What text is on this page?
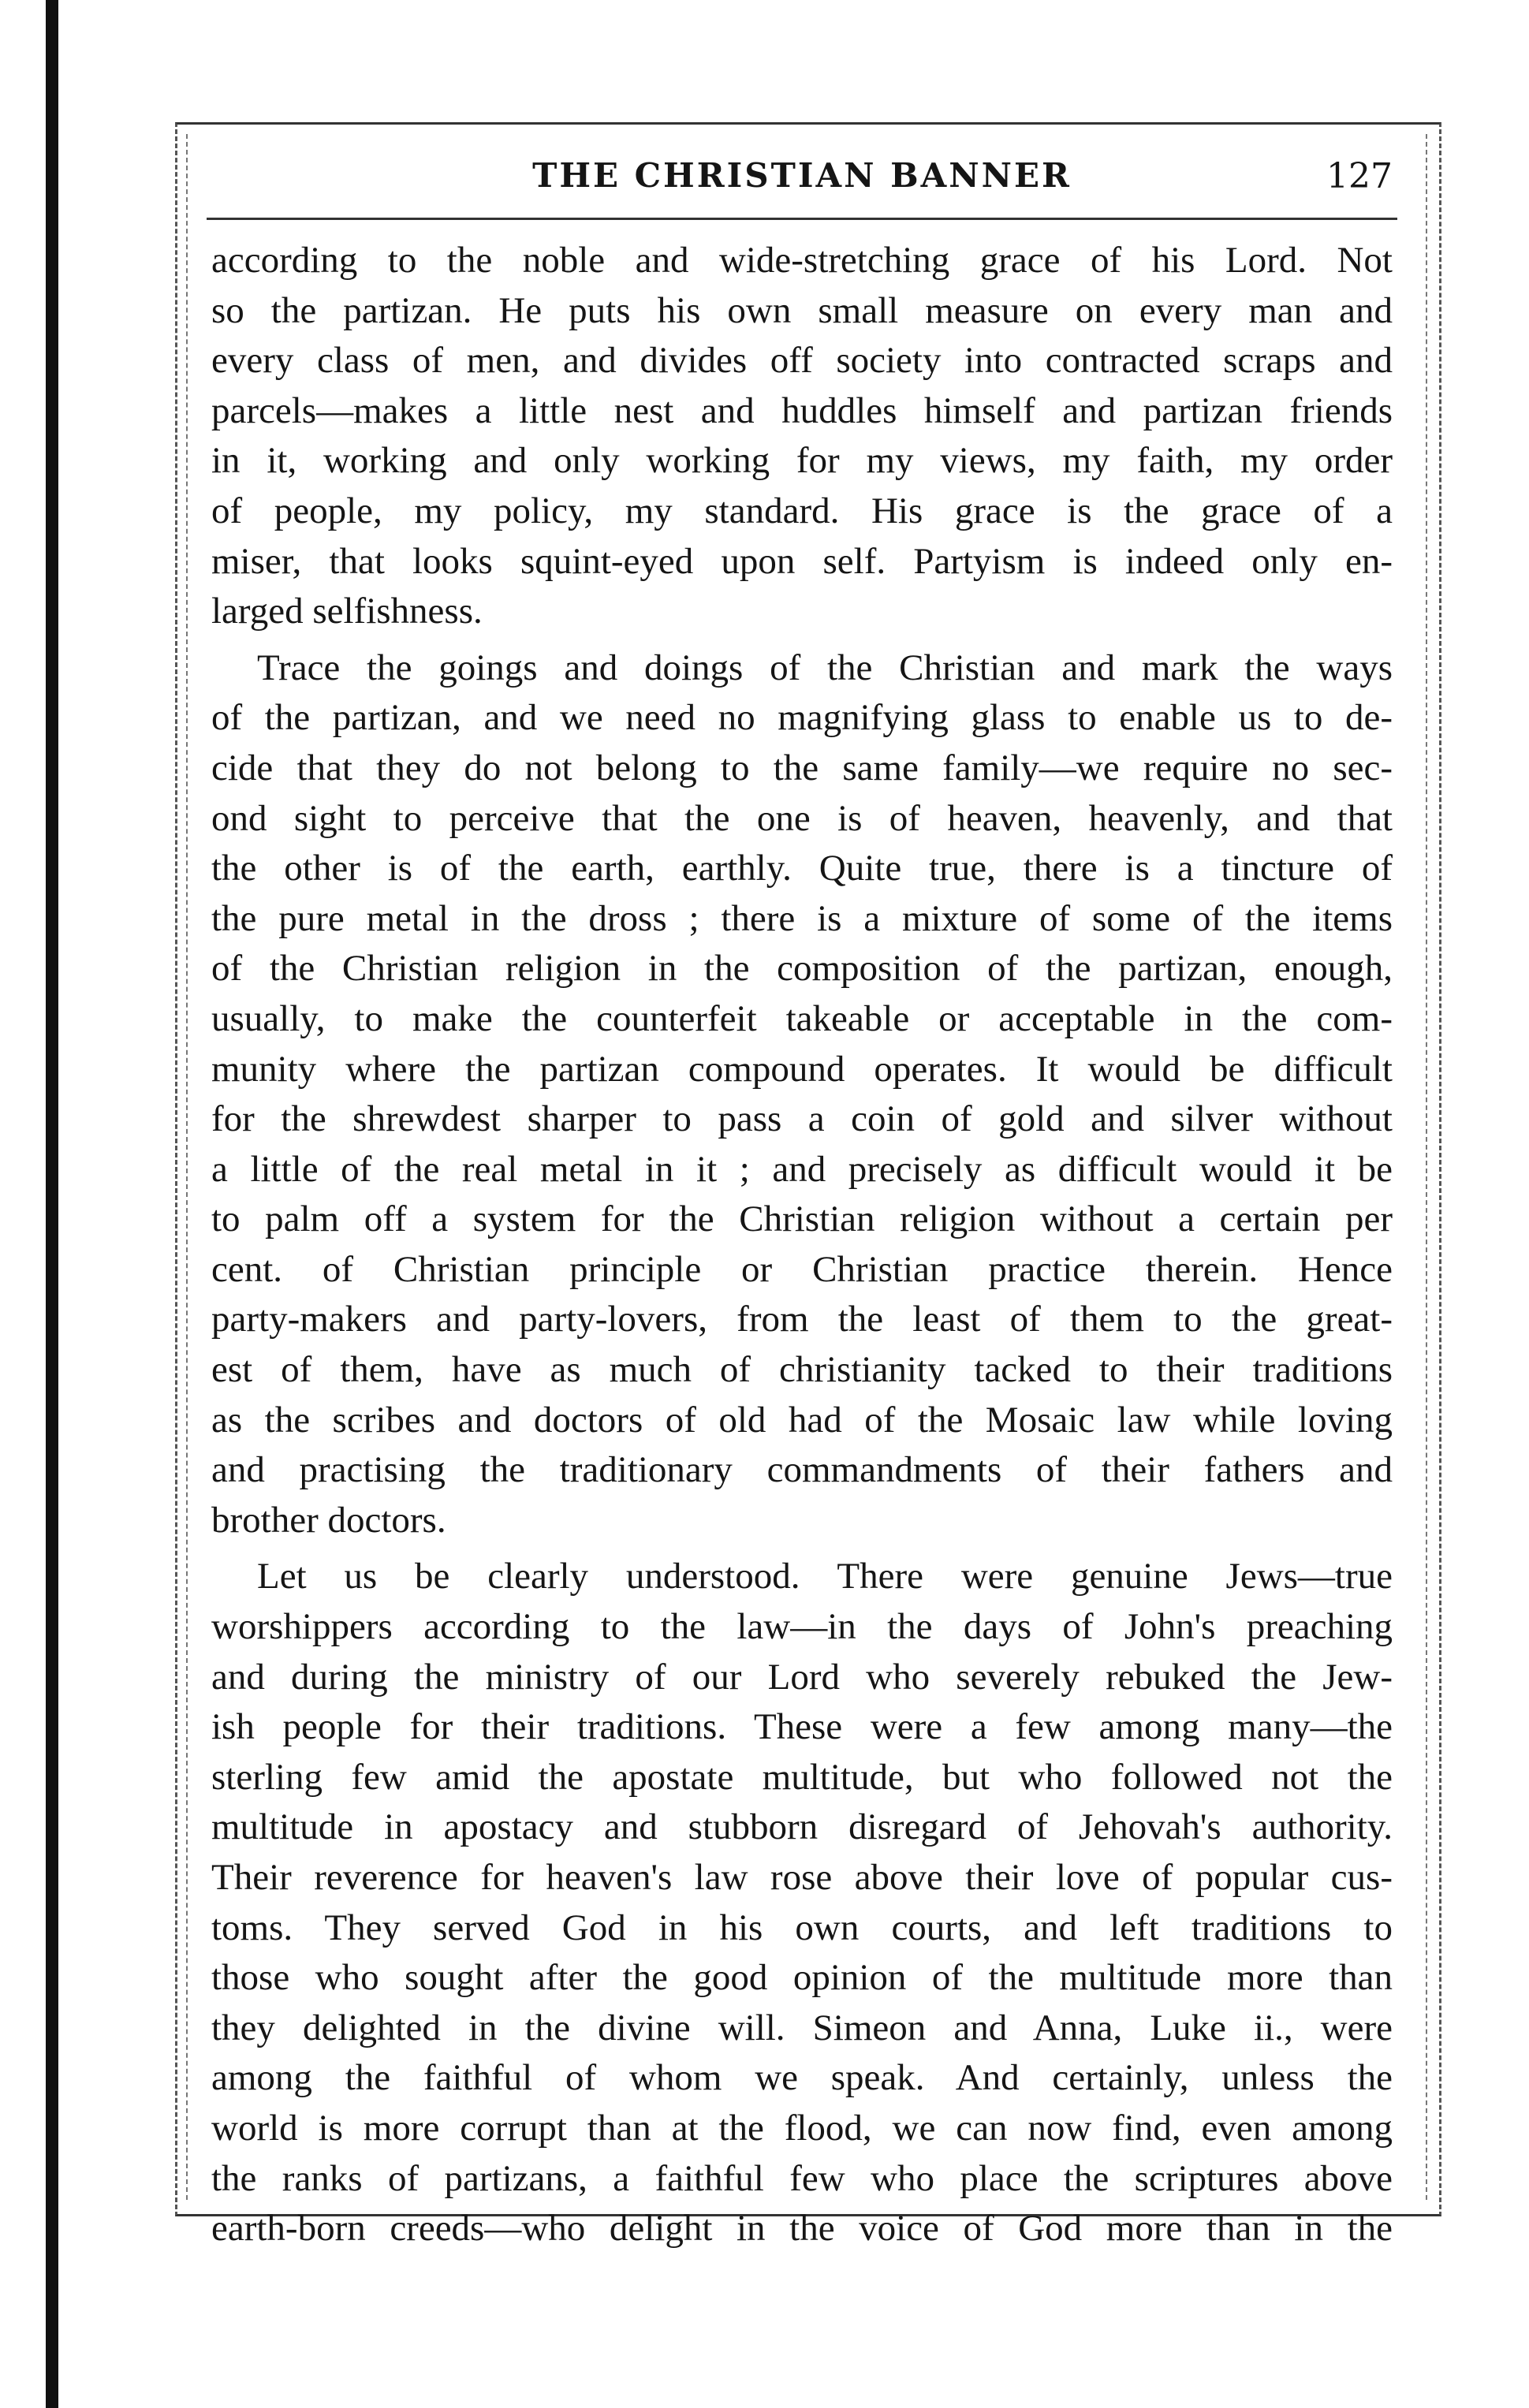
THE CHRISTIAN BANNER	127
according to the noble and wide-stretching grace of his Lord. Not
so the partizan. He puts his own small measure on every man and
every class of men, and divides off society into contracted scraps and
parcels—makes a little nest and huddles himself and partizan friends
in it, working and only working for my views, my faith, my order
of people, my policy, my standard. His grace is the grace of a
miser, that looks squint-eyed upon self. Partyism is indeed only en-
larged selfishness.
Trace the goings and doings of the Christian and mark the ways
of the partizan, and we need no magnifying glass to enable us to de-
cide that they do not belong to the same family—we require no sec-
ond sight to perceive that the one is of heaven, heavenly, and that
the other is of the earth, earthly. Quite true, there is a tincture of
the pure metal in the dross ; there is a mixture of some of the items
of the Christian religion in the composition of the partizan, enough,
usually, to make the counterfeit takeable or acceptable in the com-
munity where the partizan compound operates. It would be difficult
for the shrewdest sharper to pass a coin of gold and silver without
a little of the real metal in it ; and precisely as difficult would it be
to palm off a system for the Christian religion without a certain per
cent. of Christian principle or Christian practice therein. Hence
party-makers and party-lovers, from the least of them to the great-
est of them, have as much of christianity tacked to their traditions
as the scribes and doctors of old had of the Mosaic law while loving
and practising the traditionary commandments of their fathers and
brother doctors.
Let us be clearly understood. There were genuine Jews—true
worshippers according to the law—in the days of John's preaching
and during the ministry of our Lord who severely rebuked the Jew-
ish people for their traditions. These were a few among many—the
sterling few amid the apostate multitude, but who followed not the
multitude in apostacy and stubborn disregard of Jehovah's authority.
Their reverence for heaven's law rose above their love of popular cus-
toms. They served God in his own courts, and left traditions to
those who sought after the good opinion of the multitude more than
they delighted in the divine will. Simeon and Anna, Luke ii., were
among the faithful of whom we speak. And certainly, unless the
world is more corrupt than at the flood, we can now find, even among
the ranks of partizans, a faithful few who place the scriptures above
earth-born creeds—who delight in the voice of God more than in the
